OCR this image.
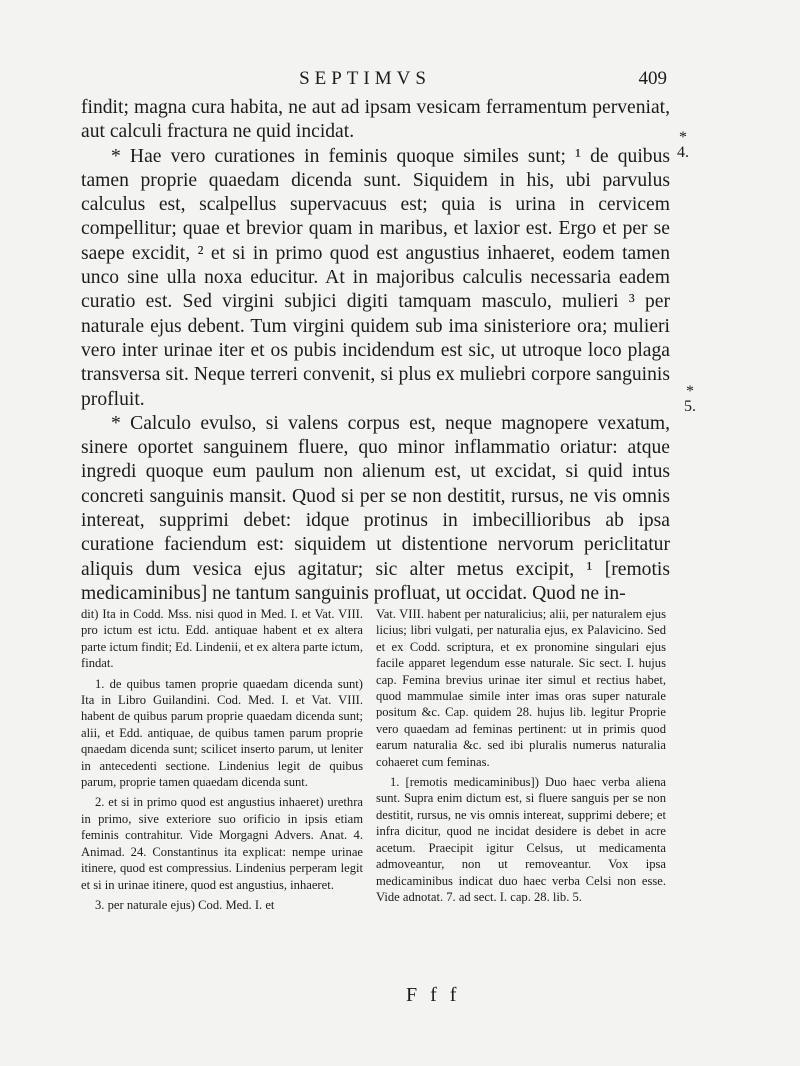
SEPTIMVS	409

findit; magna cura habita, ne aut ad ipsam vesicam ferramentum perveniat, aut calculi fractura ne quid incidat.

* Hae vero curationes in feminis quoque similes sunt; ¹ de quibus tamen proprie quaedam dicenda sunt. Siquidem in his, ubi parvulus calculus est, scalpellus supervacuus est; quia is urina in cervicem compellitur; quae et brevior quam in maribus, et laxior est. Ergo et per se saepe excidit, ² et si in primo quod est angustius inhaeret, eodem tamen unco sine ulla noxa educitur. At in majoribus calculis necessaria eadem curatio est. Sed virgini subjici digiti tamquam masculo, mulieri ³ per naturale ejus debent. Tum virgini quidem sub ima sinisteriore ora; mulieri vero inter urinae iter et os pubis incidendum est sic, ut utroque loco plaga transversa sit. Neque terreri convenit, si plus ex muliebri corpore sanguinis profluit.

* Calculo evulso, si valens corpus est, neque magnopere vexatum, sinere oportet sanguinem fluere, quo minor inflammatio oriatur: atque ingredi quoque eum paulum non alienum est, ut excidat, si quid intus concreti sanguinis mansit. Quod si per se non destitit, rursus, ne vis omnis intereat, supprimi debet: idque protinus in imbecillioribus ab ipsa curatione faciendum est: siquidem ut distentione nervorum periclitatur aliquis dum vesica ejus agitatur; sic alter metus excipit, ¹ [remotis medicaminibus] ne tantum sanguinis profluat, ut occidat. Quod ne in-

*
4.
*
5.

dit) Ita in Codd. Mss. nisi quod in Med. I. et Vat. VIII. pro ictum est ictu. Edd. antiquae habent et ex altera parte ictum findit; Ed. Lindenii, et ex altera parte ictum, findat.

1. de quibus tamen proprie quaedam dicenda sunt) Ita in Libro Guilandini. Cod. Med. I. et Vat. VIII. habent de quibus parum proprie quaedam dicenda sunt; alii, et Edd. antiquae, de quibus tamen parum proprie qnaedam dicenda sunt; scilicet inserto parum, ut leniter in antecedenti sectione. Lindenius legit de quibus parum, proprie tamen quaedam dicenda sunt.

2. et si in primo quod est angustius inhaeret) urethra in primo, sive exteriore suo orificio in ipsis etiam feminis contrahitur. Vide Morgagni Advers. Anat. 4. Animad. 24. Constantinus ita explicat: nempe urinae itinere, quod est compressius. Lindenius perperam legit et si in urinae itinere, quod est angustius, inhaeret.

3. per naturale ejus) Cod. Med. I. et

Vat. VIII. habent per naturalicius; alii, per naturalem ejus licius; libri vulgati, per naturalia ejus, ex Palavicino. Sed et ex Codd. scriptura, et ex pronomine singulari ejus facile apparet legendum esse naturale. Sic sect. I. hujus cap. Femina brevius urinae iter simul et rectius habet, quod mammulae simile inter imas oras super naturale positum &c. Cap. quidem 28. hujus lib. legitur Proprie vero quaedam ad feminas pertinent: ut in primis quod earum naturalia &c. sed ibi pluralis numerus naturalia cohaeret cum feminas.

1. [remotis medicaminibus]) Duo haec verba aliena sunt. Supra enim dictum est, si fluere sanguis per se non destitit, rursus, ne vis omnis intereat, supprimi debere; et infra dicitur, quod ne incidat desidere is debet in acre acetum. Praecipit igitur Celsus, ut medicamenta admoveantur, non ut removeantur. Vox ipsa medicaminibus indicat duo haec verba Celsi non esse. Vide adnotat. 7. ad sect. I. cap. 28. lib. 5.

F f f
